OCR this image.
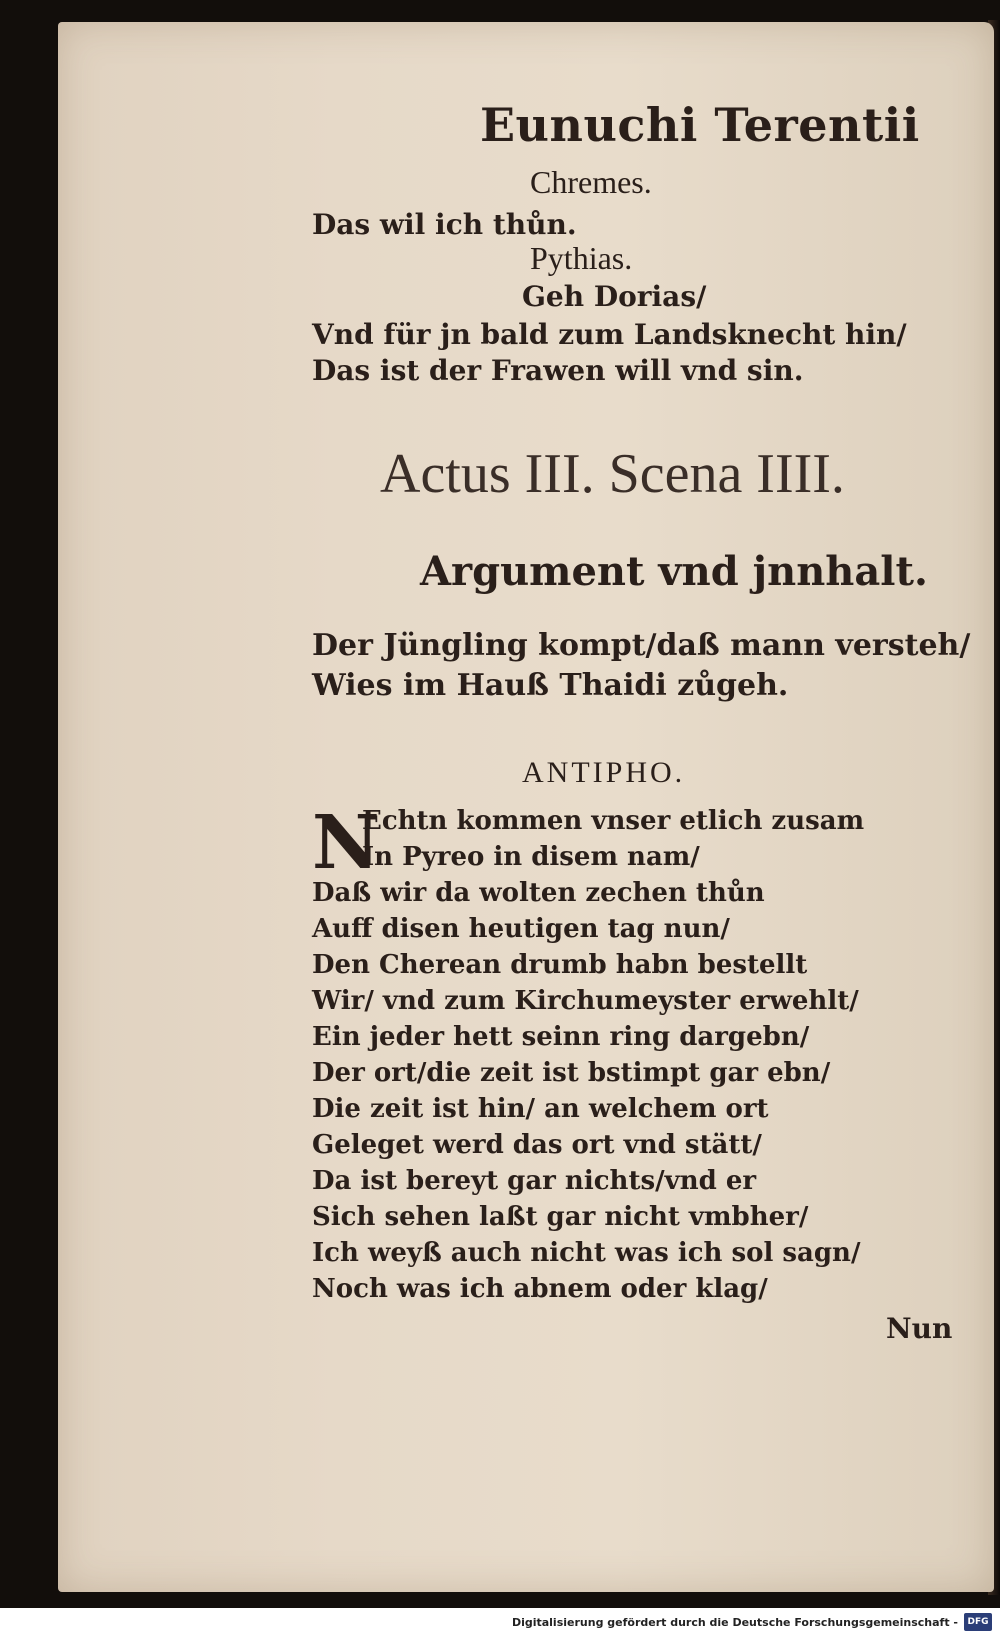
Eunuchi Terentii
Chremes.
Das wil ich thůn.
Pythias.
Geh Dorias/
Vnd für jn bald zum Landsknecht hin/
Das ist der Frawen will vnd sin.
Actus III. Scena IIII.
Argument vnd jnnhalt.
Der Jüngling kompt/daß mann versteh/
Wies im Hauß Thaidi zůgeh.
ANTIPHO.
N
Echtn kommen vnser etlich zusam
In Pyreo in disem nam/
Daß wir da wolten zechen thůn
Auff disen heutigen tag nun/
Den Cherean drumb habn bestellt
Wir/ vnd zum Kirchumeyster erwehlt/
Ein jeder hett seinn ring dargebn/
Der ort/die zeit ist bstimpt gar ebn/
Die zeit ist hin/ an welchem ort
Geleget werd das ort vnd stätt/
Da ist bereyt gar nichts/vnd er
Sich sehen laßt gar nicht vmbher/
Ich weyß auch nicht was ich sol sagn/
Noch was ich abnem oder klag/
Nun
Digitalisierung gefördert durch die Deutsche Forschungsgemeinschaft -	DFG
